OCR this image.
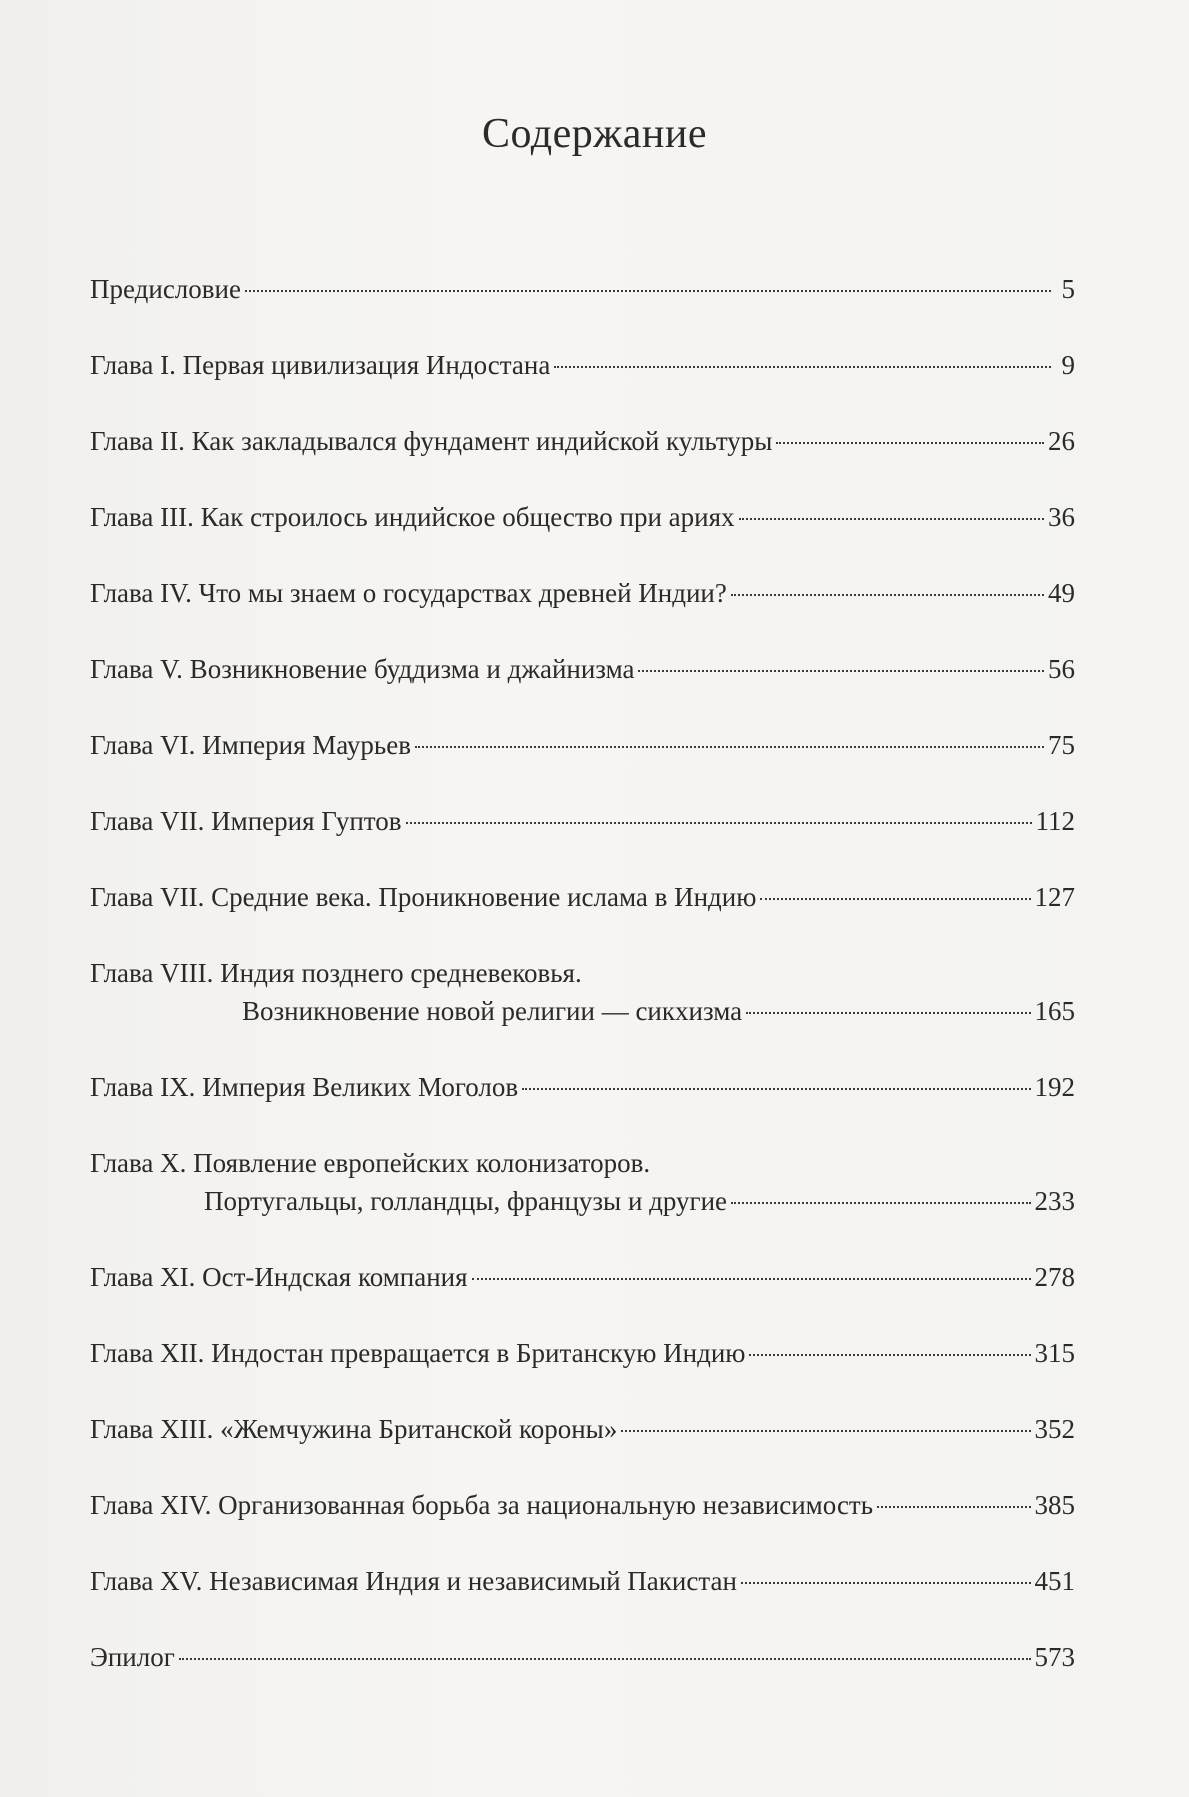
Содержание
Предисловие	5
Глава I. Первая цивилизация Индостана	9
Глава II. Как закладывался фундамент индийской культуры	26
Глава III. Как строилось индийское общество при ариях	36
Глава IV. Что мы знаем о государствах древней Индии?	49
Глава V. Возникновение буддизма и джайнизма	56
Глава VI. Империя Маурьев	75
Глава VII. Империя Гуптов	112
Глава VII. Средние века. Проникновение ислама в Индию	127
Глава VIII. Индия позднего средневековья.
Возникновение новой религии — сикхизма	165
Глава IX. Империя Великих Моголов	192
Глава X. Появление европейских колонизаторов.
Португальцы, голландцы, французы и другие	233
Глава XI. Ост-Индская компания	278
Глава XII. Индостан превращается в Британскую Индию	315
Глава XIII. «Жемчужина Британской короны»	352
Глава XIV. Организованная борьба за национальную независимость	385
Глава XV. Независимая Индия и независимый Пакистан	451
Эпилог	573
